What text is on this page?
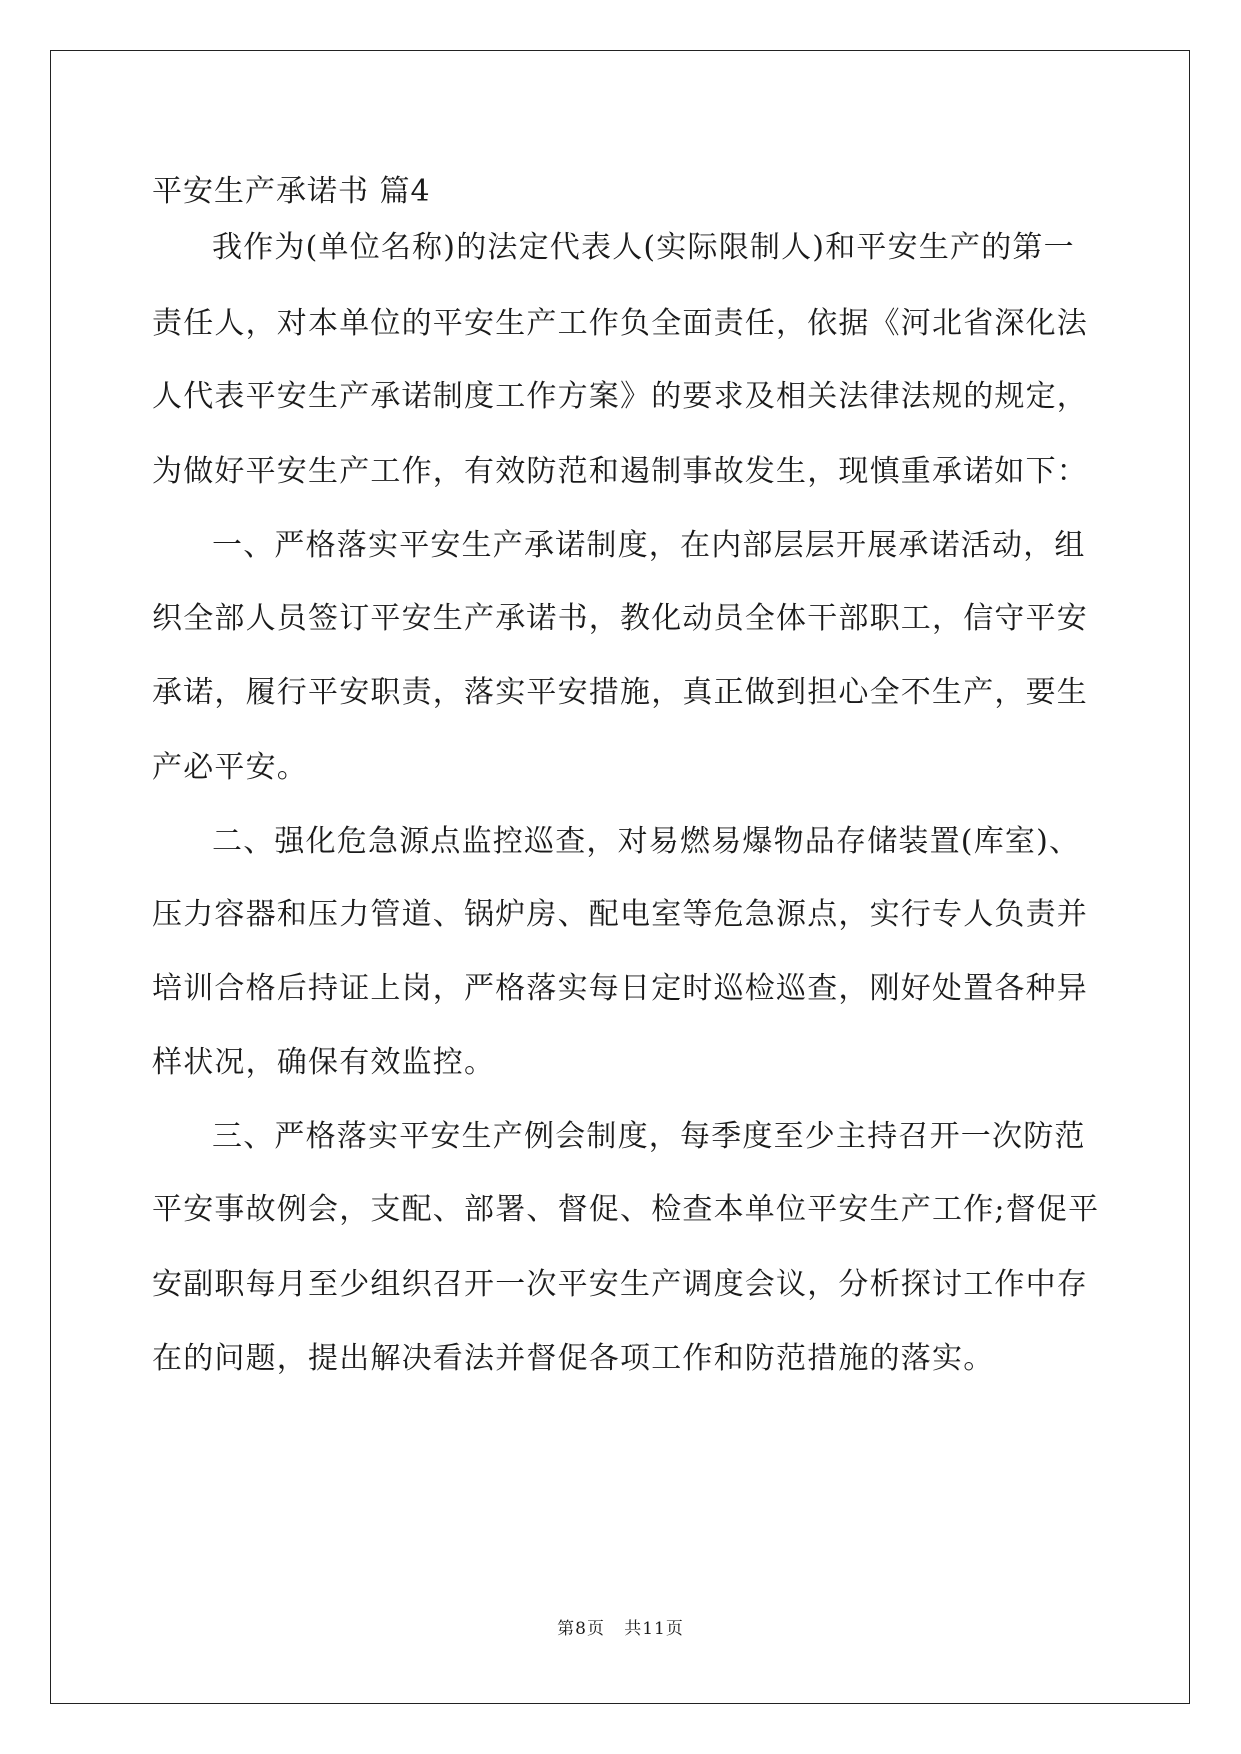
平安生产承诺书 篇4

我作为(单位名称)的法定代表人(实际限制人)和平安生产的第一

责任人，对本单位的平安生产工作负全面责任，依据《河北省深化法

人代表平安生产承诺制度工作方案》的要求及相关法律法规的规定，

为做好平安生产工作，有效防范和遏制事故发生，现慎重承诺如下：

一、严格落实平安生产承诺制度，在内部层层开展承诺活动，组

织全部人员签订平安生产承诺书，教化动员全体干部职工，信守平安

承诺，履行平安职责，落实平安措施，真正做到担心全不生产，要生

产必平安。

二、强化危急源点监控巡查，对易燃易爆物品存储装置(库室)、

压力容器和压力管道、锅炉房、配电室等危急源点，实行专人负责并

培训合格后持证上岗，严格落实每日定时巡检巡查，刚好处置各种异

样状况，确保有效监控。

三、严格落实平安生产例会制度，每季度至少主持召开一次防范

平安事故例会，支配、部署、督促、检查本单位平安生产工作;督促平

安副职每月至少组织召开一次平安生产调度会议，分析探讨工作中存

在的问题，提出解决看法并督促各项工作和防范措施的落实。

第8页 共11页
